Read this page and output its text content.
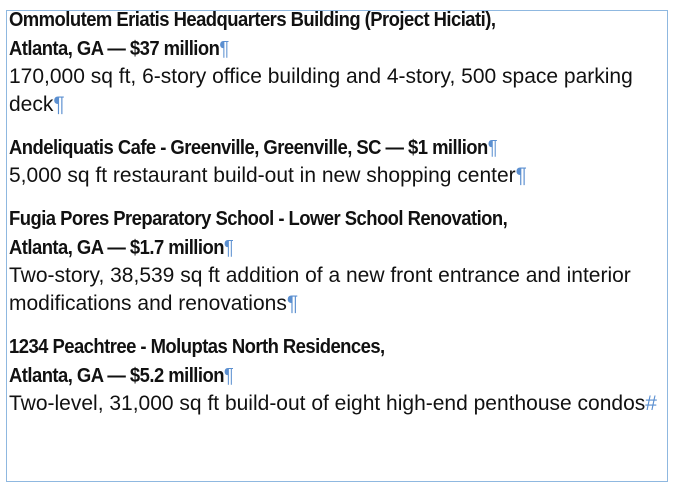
Ommolutem Eriatis Headquarters Building (Project Hiciati),
Atlanta, GA — $37 million¶
170,000 sq ft, 6-story office building and 4-story, 500 space parking deck¶
Andeliquatis Cafe - Greenville, Greenville, SC — $1 million¶
5,000 sq ft restaurant build-out in new shopping center¶
Fugia Pores Preparatory School - Lower School Renovation,
Atlanta, GA — $1.7 million¶
Two-story, 38,539 sq ft addition of a new front entrance and interior modifications and renovations¶
1234 Peachtree - Moluptas North Residences,
Atlanta, GA — $5.2 million¶
Two-level, 31,000 sq ft build-out of eight high-end penthouse condos#
